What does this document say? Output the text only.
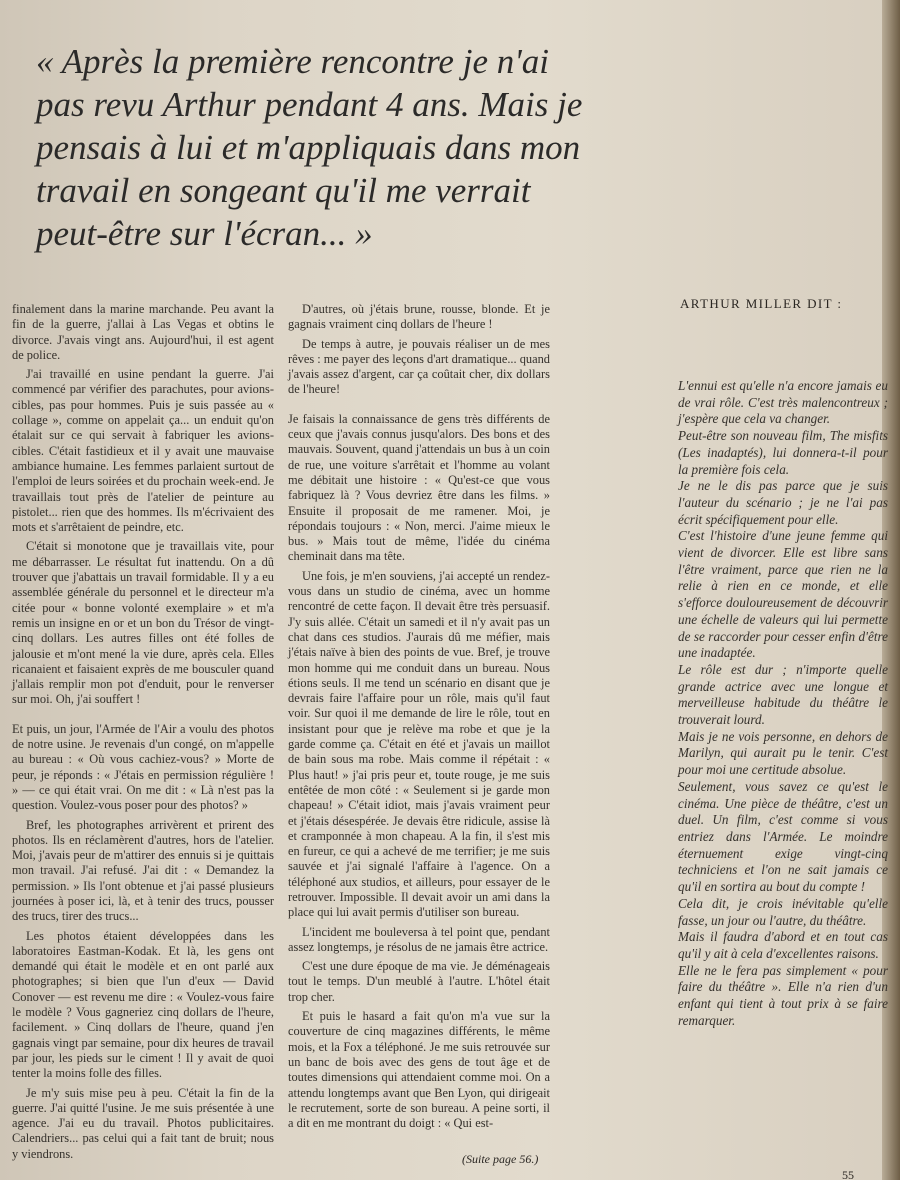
« Après la première rencontre je n'ai pas revu Arthur pendant 4 ans. Mais je pensais à lui et m'appliquais dans mon travail en songeant qu'il me verrait peut-être sur l'écran... »

finalement dans la marine marchande. Peu avant la fin de la guerre, j'allai à Las Vegas et obtins le divorce. J'avais vingt ans. Aujourd'hui, il est agent de police.

J'ai travaillé en usine pendant la guerre. J'ai commencé par vérifier des parachutes, pour avions-cibles, pas pour hommes. Puis je suis passée au « collage », comme on appelait ça... un enduit qu'on étalait sur ce qui servait à fabriquer les avions-cibles. C'était fastidieux et il y avait une mauvaise ambiance humaine. Les femmes parlaient surtout de l'emploi de leurs soirées et du prochain week-end. Je travaillais tout près de l'atelier de peinture au pistolet... rien que des hommes. Ils m'écrivaient des mots et s'arrêtaient de peindre, etc.

C'était si monotone que je travaillais vite, pour me débarrasser. Le résultat fut inattendu. On a dû trouver que j'abattais un travail formidable. Il y a eu assemblée générale du personnel et le directeur m'a citée pour « bonne volonté exemplaire » et m'a remis un insigne en or et un bon du Trésor de vingt-cinq dollars. Les autres filles ont été folles de jalousie et m'ont mené la vie dure, après cela. Elles ricanaient et faisaient exprès de me bousculer quand j'allais remplir mon pot d'enduit, pour le renverser sur moi. Oh, j'ai souffert !

Et puis, un jour, l'Armée de l'Air a voulu des photos de notre usine. Je revenais d'un congé, on m'appelle au bureau : « Où vous cachiez-vous? » Morte de peur, je réponds : « J'étais en permission régulière ! » — ce qui était vrai. On me dit : « Là n'est pas la question. Voulez-vous poser pour des photos? »

Bref, les photographes arrivèrent et prirent des photos. Ils en réclamèrent d'autres, hors de l'atelier. Moi, j'avais peur de m'attirer des ennuis si je quittais mon travail. J'ai refusé. J'ai dit : « Demandez la permission. » Ils l'ont obtenue et j'ai passé plusieurs journées à poser ici, là, et à tenir des trucs, pousser des trucs, tirer des trucs...

Les photos étaient développées dans les laboratoires Eastman-Kodak. Et là, les gens ont demandé qui était le modèle et en ont parlé aux photographes; si bien que l'un d'eux — David Conover — est revenu me dire : « Voulez-vous faire le modèle ? Vous gagneriez cinq dollars de l'heure, facilement. » Cinq dollars de l'heure, quand j'en gagnais vingt par semaine, pour dix heures de travail par jour, les pieds sur le ciment ! Il y avait de quoi tenter la moins folle des filles.

Je m'y suis mise peu à peu. C'était la fin de la guerre. J'ai quitté l'usine. Je me suis présentée à une agence. J'ai eu du travail. Photos publicitaires. Calendriers... pas celui qui a fait tant de bruit; nous y viendrons.

D'autres, où j'étais brune, rousse, blonde. Et je gagnais vraiment cinq dollars de l'heure !

De temps à autre, je pouvais réaliser un de mes rêves : me payer des leçons d'art dramatique... quand j'avais assez d'argent, car ça coûtait cher, dix dollars de l'heure!

Je faisais la connaissance de gens très différents de ceux que j'avais connus jusqu'alors. Des bons et des mauvais. Souvent, quand j'attendais un bus à un coin de rue, une voiture s'arrêtait et l'homme au volant me débitait une histoire : « Qu'est-ce que vous fabriquez là ? Vous devriez être dans les films. » Ensuite il proposait de me ramener. Moi, je répondais toujours : « Non, merci. J'aime mieux le bus. » Mais tout de même, l'idée du cinéma cheminait dans ma tête.

Une fois, je m'en souviens, j'ai accepté un rendez-vous dans un studio de cinéma, avec un homme rencontré de cette façon. Il devait être très persuasif. J'y suis allée. C'était un samedi et il n'y avait pas un chat dans ces studios. J'aurais dû me méfier, mais j'étais naïve à bien des points de vue. Bref, je trouve mon homme qui me conduit dans un bureau. Nous étions seuls. Il me tend un scénario en disant que je devrais faire l'affaire pour un rôle, mais qu'il faut voir. Sur quoi il me demande de lire le rôle, tout en insistant pour que je relève ma robe et que je la garde comme ça. C'était en été et j'avais un maillot de bain sous ma robe. Mais comme il répétait : « Plus haut! » j'ai pris peur et, toute rouge, je me suis entêtée de mon côté : « Seulement si je garde mon chapeau! » C'était idiot, mais j'avais vraiment peur et j'étais désespérée. Je devais être ridicule, assise là et cramponnée à mon chapeau. A la fin, il s'est mis en fureur, ce qui a achevé de me terrifier; je me suis sauvée et j'ai signalé l'affaire à l'agence. On a téléphoné aux studios, et ailleurs, pour essayer de le retrouver. Impossible. Il devait avoir un ami dans la place qui lui avait permis d'utiliser son bureau.

L'incident me bouleversa à tel point que, pendant assez longtemps, je résolus de ne jamais être actrice.

C'est une dure époque de ma vie. Je déménageais tout le temps. D'un meublé à l'autre. L'hôtel était trop cher.

Et puis le hasard a fait qu'on m'a vue sur la couverture de cinq magazines différents, le même mois, et la Fox a téléphoné. Je me suis retrouvée sur un banc de bois avec des gens de tout âge et de toutes dimensions qui attendaient comme moi. On a attendu longtemps avant que Ben Lyon, qui dirigeait le recrutement, sorte de son bureau. A peine sorti, il a dit en me montrant du doigt : « Qui est-

ARTHUR MILLER DIT :

L'ennui est qu'elle n'a encore jamais eu de vrai rôle. C'est très malencontreux ; j'espère que cela va changer.

Peut-être son nouveau film, The misfits (Les inadaptés), lui donnera-t-il pour la première fois cela.

Je ne le dis pas parce que je suis l'auteur du scénario ; je ne l'ai pas écrit spécifiquement pour elle.

C'est l'histoire d'une jeune femme qui vient de divorcer. Elle est libre sans l'être vraiment, parce que rien ne la relie à rien en ce monde, et elle s'efforce douloureusement de découvrir une échelle de valeurs qui lui permette de se raccorder pour cesser enfin d'être une inadaptée.

Le rôle est dur ; n'importe quelle grande actrice avec une longue et merveilleuse habitude du théâtre le trouverait lourd.

Mais je ne vois personne, en dehors de Marilyn, qui aurait pu le tenir. C'est pour moi une certitude absolue.

Seulement, vous savez ce qu'est le cinéma. Une pièce de théâtre, c'est un duel. Un film, c'est comme si vous entriez dans l'Armée. Le moindre éternuement exige vingt-cinq techniciens et l'on ne sait jamais ce qu'il en sortira au bout du compte !

Cela dit, je crois inévitable qu'elle fasse, un jour ou l'autre, du théâtre.

Mais il faudra d'abord et en tout cas qu'il y ait à cela d'excellentes raisons.

Elle ne le fera pas simplement « pour faire du théâtre ». Elle n'a rien d'un enfant qui tient à tout prix à se faire remarquer.

(Suite page 56.)
55
